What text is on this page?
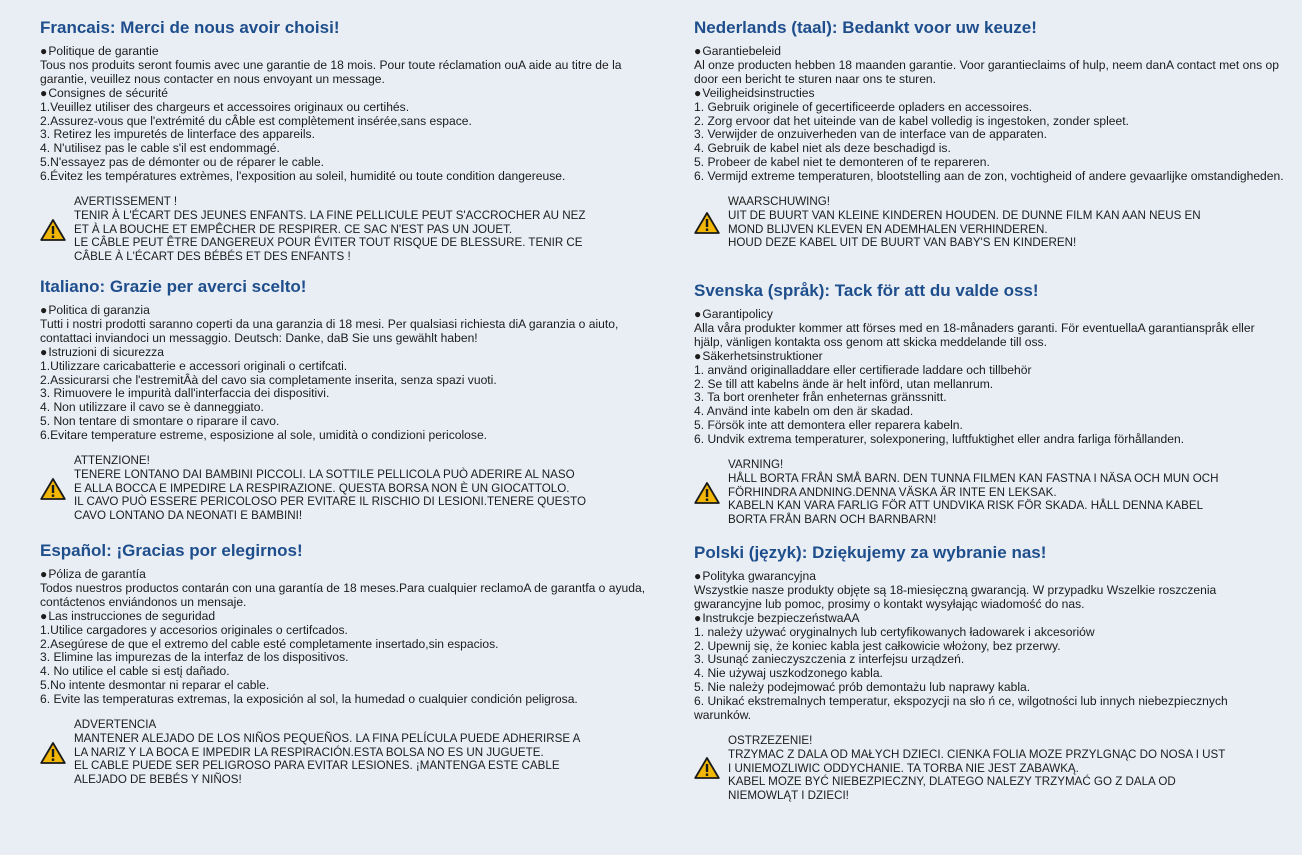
Francais: Merci de nous avoir choisi!

● Politique de garantie

Tous nos produits seront foumis avec une garantie de 18 mois. Pour toute réclamation ouA aide au titre de la garantie, veuillez nous contacter en nous envoyant un message.

● Consignes de sécurité

1.Veuillez utiliser des chargeurs et accessoires originaux ou certihés.

2.Assurez-vous que l'extrémité du cÂble est complètement insérée,sans espace.

3. Retirez les impuretés de linterface des appareils.

4. N'utilisez pas le cable s'il est endommagé.

5.N'essayez pas de démonter ou de réparer le cable.

6.Évitez les températures extrèmes, l'exposition au soleil, humidité ou toute condition dangereuse.

AVERTISSEMENT !

TENIR À L'ÉCART DES JEUNES ENFANTS. LA FINE PELLICULE PEUT S'ACCROCHER AU NEZ

ET À LA BOUCHE ET EMPÊCHER DE RESPIRER. CE SAC N'EST PAS UN JOUET.

LE CÂBLE PEUT ÊTRE DANGEREUX POUR ÉVITER TOUT RISQUE DE BLESSURE. TENIR CE

CÂBLE À L'ÉCART DES BÉBÉS ET DES ENFANTS !

Italiano: Grazie per averci scelto!

● Politica di garanzia

Tutti i nostri prodotti saranno coperti da una garanzia di 18 mesi. Per qualsiasi richiesta diA garanzia o aiuto, contattaci inviandoci un messaggio. Deutsch: Danke, daB Sie uns gewählt haben!

● Istruzioni di sicurezza

1.Utilizzare caricabatterie e accessori originali o certifcati.

2.Assicurarsi che l'estremitÂà del cavo sia completamente inserita, senza spazi vuoti.

3. Rimuovere le impurità dall'interfaccia dei dispositivi.

4. Non utilizzare il cavo se è danneggiato.

5. Non tentare di smontare o riparare il cavo.

6.Evitare temperature estreme, esposizione al sole, umidità o condizioni pericolose.

ATTENZIONE!

TENERE LONTANO DAI BAMBINI PICCOLI. LA SOTTILE PELLICOLA PUÒ ADERIRE AL NASO

E ALLA BOCCA E IMPEDIRE LA RESPIRAZIONE. QUESTA BORSA NON È UN GIOCATTOLO.

IL CAVO PUÒ ESSERE PERICOLOSO PER EVITARE IL RISCHIO DI LESIONI.TENERE QUESTO

CAVO LONTANO DA NEONATI E BAMBINI!

Español: ¡Gracias por elegirnos!

● Póliza de garantía

Todos nuestros productos contarán con una garantía de 18 meses.Para cualquier reclamoA de garantfa o ayuda, contáctenos enviándonos un mensaje.

● Las instrucciones de seguridad

1.Utilice cargadores y accesorios originales o certifcados.

2.Asegúrese de que el extremo del cable esté completamente insertado,sin espacios.

3. Elimine las impurezas de la interfaz de los dispositivos.

4. No utilice el cable si estį dañado.

5.No intente desmontar ni reparar el cable.

6. Evite las temperaturas extremas, la exposición al sol, la humedad o cualquier condición peligrosa.

ADVERTENCIA

MANTENER ALEJADO DE LOS NIÑOS PEQUEÑOS. LA FINA PELÍCULA PUEDE ADHERIRSE A

LA NARIZ Y LA BOCA E IMPEDIR LA RESPIRACIÓN.ESTA BOLSA NO ES UN JUGUETE.

EL CABLE PUEDE SER PELIGROSO PARA EVITAR LESIONES. ¡MANTENGA ESTE CABLE

ALEJADO DE BEBÉS Y NIÑOS!

Nederlands (taal): Bedankt voor uw keuze!

● Garantiebeleid

Al onze producten hebben 18 maanden garantie. Voor garantieclaims of hulp, neem danA contact met ons op door een bericht te sturen naar ons te sturen.

● Veiligheidsinstructies

1. Gebruik originele of gecertificeerde opladers en accessoires.

2. Zorg ervoor dat het uiteinde van de kabel volledig is ingestoken, zonder spleet.

3. Verwijder de onzuiverheden van de interface van de apparaten.

4. Gebruik de kabel niet als deze beschadigd is.

5. Probeer de kabel niet te demonteren of te repareren.

6. Vermijd extreme temperaturen, blootstelling aan de zon, vochtigheid of andere gevaarlijke omstandigheden.

WAARSCHUWING!

UIT DE BUURT VAN KLEINE KINDEREN HOUDEN. DE DUNNE FILM KAN AAN NEUS EN

MOND BLIJVEN KLEVEN EN ADEMHALEN VERHINDEREN.

HOUD DEZE KABEL UIT DE BUURT VAN BABY'S EN KINDEREN!

Svenska (språk): Tack för att du valde oss!

● Garantipolicy

Alla våra produkter kommer att förses med en 18-månaders garanti. För eventuellaA garantianspråk eller hjälp, vänligen kontakta oss genom att skicka meddelande till oss.

● Säkerhetsinstruktioner

1. använd originalladdare eller certifierade laddare och tillbehör

2. Se till att kabelns ände är helt införd, utan mellanrum.

3. Ta bort orenheter från enheternas gränssnitt.

4. Använd inte kabeln om den är skadad.

5. Försök inte att demontera eller reparera kabeln.

6. Undvik extrema temperaturer, solexponering, luftfuktighet eller andra farliga förhållanden.

VARNING!

HÅLL BORTA FRÅN SMÅ BARN. DEN TUNNA FILMEN KAN FASTNA I NÄSA OCH MUN OCH

FÖRHINDRA ANDNING.DENNA VÄSKA ÄR INTE EN LEKSAK.

KABELN KAN VARA FARLIG FÖR ATT UNDVIKA RISK FÖR SKADA. HÅLL DENNA KABEL

BORTA FRÅN BARN OCH BARNBARN!

Polski (język): Dziękujemy za wybranie nas!

● Polityka gwarancyjna

Wszystkie nasze produkty objęte są 18-miesięczną gwarancją. W przypadku Wszelkie roszczenia gwarancyjne lub pomoc, prosimy o kontakt wysyłając wiadomość do nas.

● Instrukcje bezpieczeństwaAA

1. należy używać oryginalnych lub certyfikowanych ładowarek i akcesoriów

2. Upewnij się, że koniec kabla jest całkowicie włożony, bez przerwy.

3. Usunąć zanieczyszczenia z interfejsu urządzeń.

4. Nie używaj uszkodzonego kabla.

5. Nie należy podejmować prób demontażu lub naprawy kabla.

6. Unikać ekstremalnych temperatur, ekspozycji na sło ń ce, wilgotności lub innych niebezpiecznych warunków.

OSTRZEZENIE!

TRZYMAC Z DALA OD MAŁYCH DZIECI. CIENKA FOLIA MOZE PRZYLGNĄC DO NOSA I UST

I UNIEMOZLIWIC ODDYCHANIE. TA TORBA NIE JEST ZABAWKĄ.

KABEL MOZE BYĆ NIEBEZPIECZNY, DLATEGO NALEZY TRZYMAĆ GO Z DALA OD

NIEMOWLĄT I DZIECI!
